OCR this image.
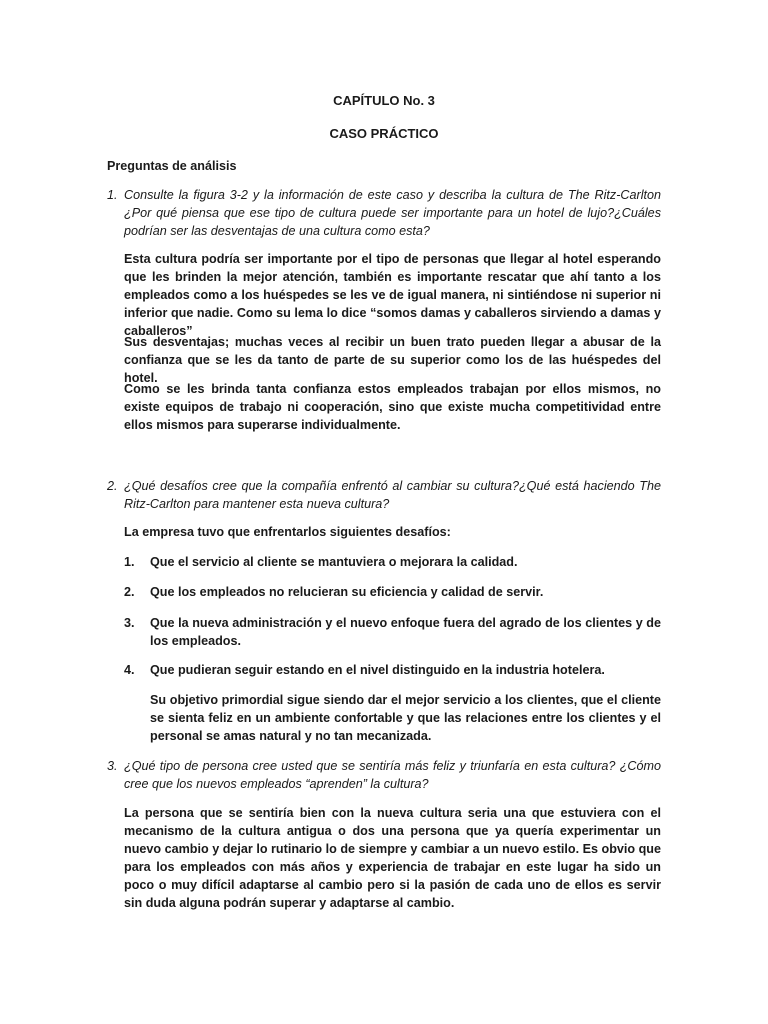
CAPÍTULO No. 3
CASO PRÁCTICO
Preguntas de análisis
1. Consulte la figura 3-2 y la información de este caso y describa la cultura de The Ritz-Carlton ¿Por qué piensa que ese tipo de cultura puede ser importante para un hotel de lujo?¿Cuáles podrían ser las desventajas de una cultura como esta?
Esta cultura podría ser importante por el tipo de personas que llegar al hotel esperando que les brinden la mejor atención, también es importante rescatar que ahí tanto a los empleados como a los huéspedes se les ve de igual manera, ni sintiéndose ni superior ni inferior que nadie. Como su lema lo dice “somos damas y caballeros sirviendo a damas y caballeros”
Sus desventajas; muchas veces al recibir un buen trato pueden llegar a abusar de la confianza que se les da tanto de parte de su superior como los de las huéspedes del hotel.
Como se les brinda tanta confianza estos empleados trabajan por ellos mismos, no existe equipos de trabajo ni cooperación, sino que existe mucha competitividad entre ellos mismos para superarse individualmente.
2. ¿Qué desafíos cree que la compañía enfrentó al cambiar su cultura?¿Qué está haciendo The Ritz-Carlton para mantener esta nueva cultura?
La empresa tuvo que enfrentarlos siguientes desafíos:
1. Que el servicio al cliente se mantuviera o mejorara la calidad.
2. Que los empleados no relucieran su eficiencia y calidad de servir.
3. Que la nueva administración y el nuevo enfoque fuera del agrado de los clientes y de los empleados.
4. Que pudieran seguir estando en el nivel distinguido en la industria hotelera.
Su objetivo primordial sigue siendo dar el mejor servicio a los clientes, que el cliente se sienta feliz en un ambiente confortable y que las relaciones entre los clientes y el personal se amas natural y no tan mecanizada.
3. ¿Qué tipo de persona cree usted que se sentiría más feliz y triunfaría en esta cultura? ¿Cómo cree que los nuevos empleados “aprenden” la cultura?
La persona que se sentiría bien con la nueva cultura seria una que estuviera con el mecanismo de la cultura antigua o dos una persona que ya quería experimentar un nuevo cambio y dejar lo rutinario lo de siempre y cambiar a un nuevo estilo. Es obvio que para los empleados con más años y experiencia de trabajar en este lugar ha sido un poco o muy difícil adaptarse al cambio pero si la pasión de cada uno de ellos es servir sin duda alguna podrán superar y adaptarse al cambio.
